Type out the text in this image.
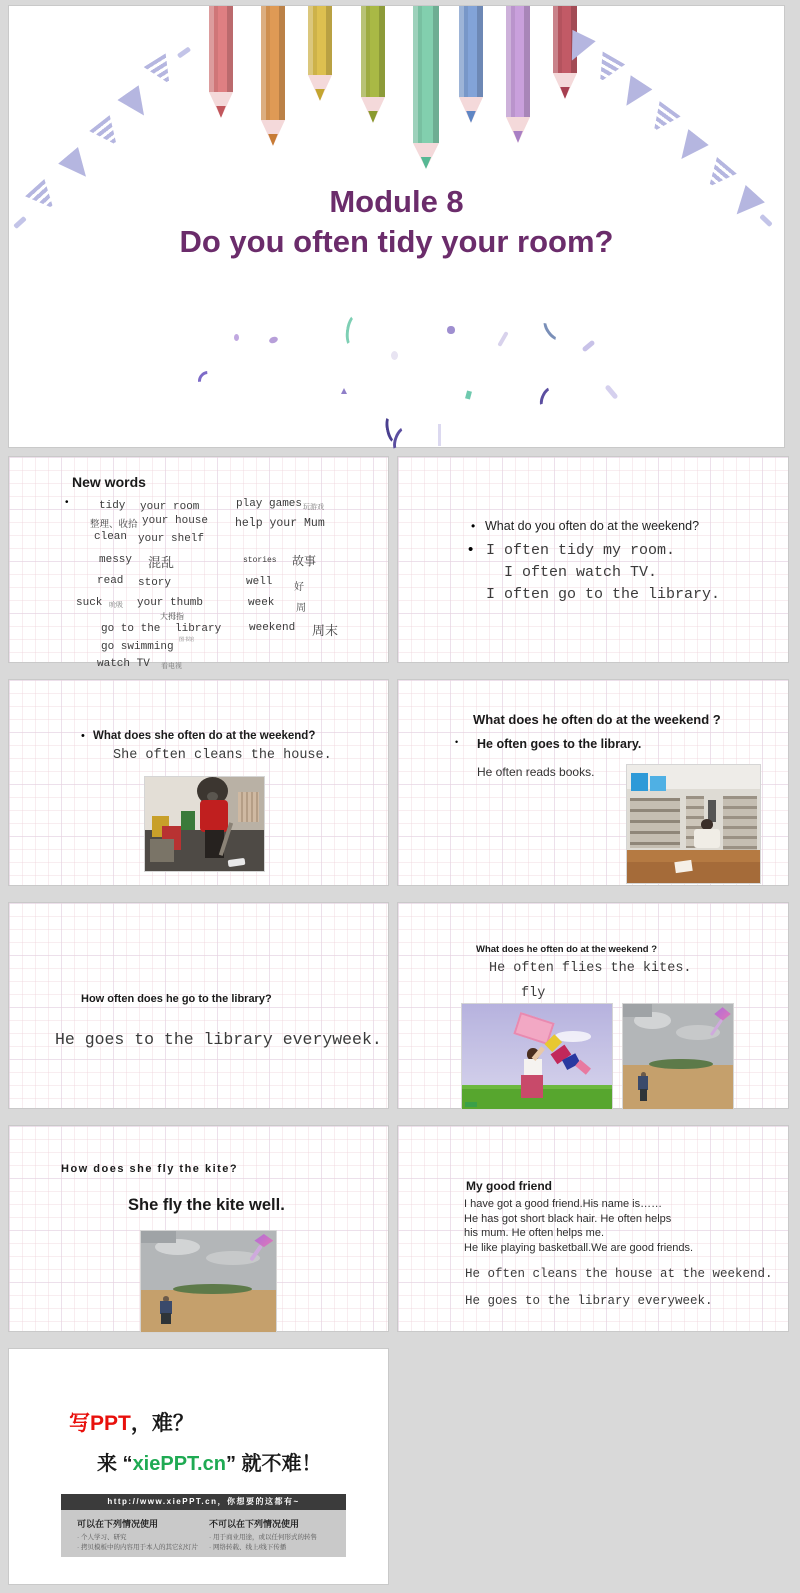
Module 8
Do you often tidy your room?
New words
•	tidy your room
整理、收拾 your house
clean your shelf
messy 混乱
read story
suck 吮吸 your thumb
大拇指
go to the library
图书馆
go swimming
watch TV 看电视
play games 玩游戏
help your Mum
stories 故事
well 好
week 周
weekend 周末
• What do you often do at the weekend?
• I often tidy my room.
I often watch TV.
I often go to the library.
• What does she often do at the weekend?
She often cleans the house.
What does he often do at the weekend ?
• He often goes to the library.
He often reads books.
How often does he go to the library?
He goes to the library everyweek.
What does he often do at the weekend ?
He often flies the kites.
fly
How does she fly the kite?
She fly the kite well.
My good friend
I have got a good friend.His name is……
He has got short black hair. He often helps
his mum. He often helps me.
He like playing basketball.We are good friends.
He often cleans the house at the weekend.
He goes to the library everyweek.
写PPT，难？
来 “xiePPT.cn” 就不难！
http://www.xiePPT.cn，你想要的这都有~
可以在下列情况使用
· 个人学习、研究
· 拷贝模板中的内容用于本人的其它幻灯片
不可以在下列情况使用
· 用于商业用途，或以任何形式的转售
· 网络转载、线上/线下传播
